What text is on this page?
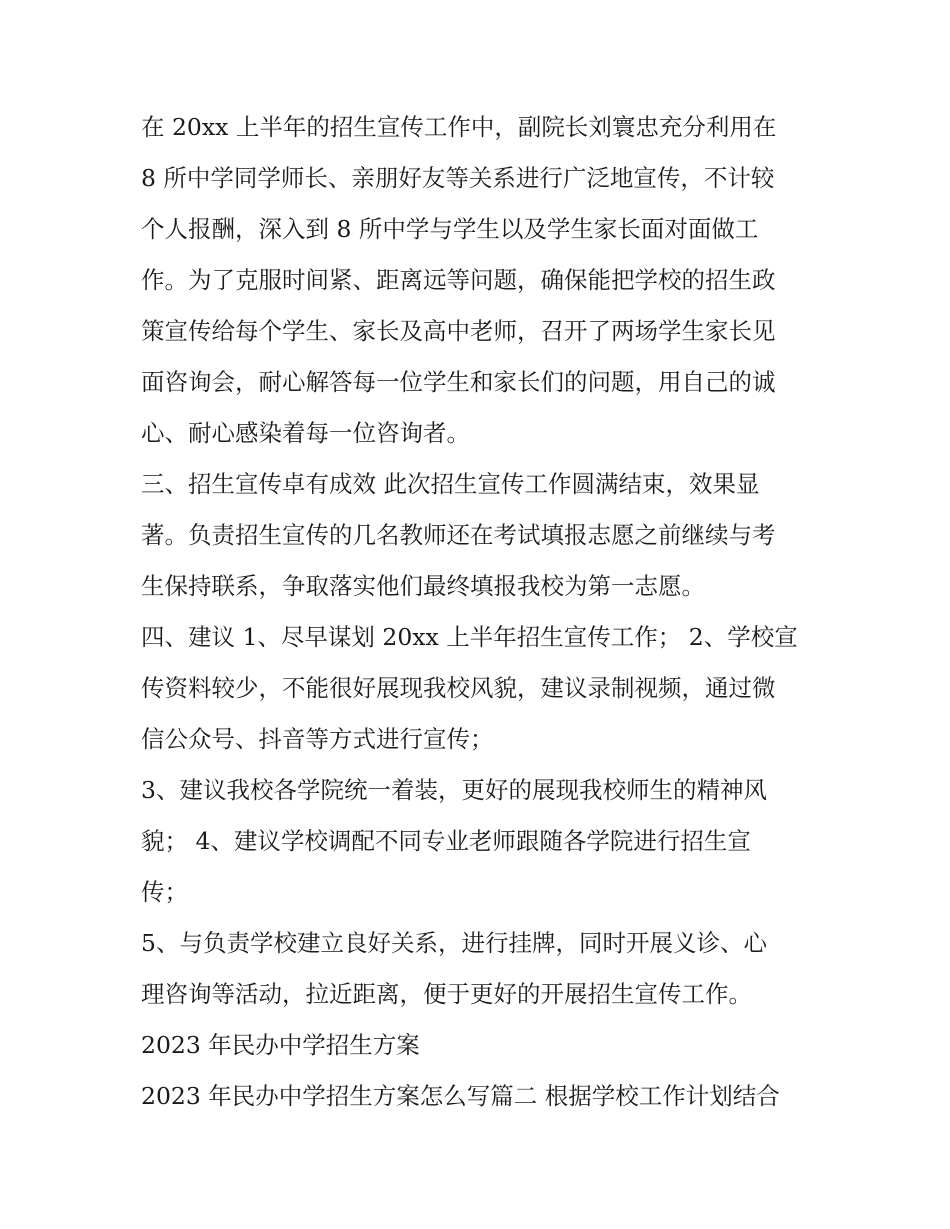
在 20xx 上半年的招生宣传工作中，副院长刘寰忠充分利用在
8 所中学同学师长、亲朋好友等关系进行广泛地宣传，不计较
个人报酬，深入到 8 所中学与学生以及学生家长面对面做工
作。为了克服时间紧、距离远等问题，确保能把学校的招生政
策宣传给每个学生、家长及高中老师，召开了两场学生家长见
面咨询会，耐心解答每一位学生和家长们的问题，用自己的诚
心、耐心感染着每一位咨询者。
三、招生宣传卓有成效 此次招生宣传工作圆满结束，效果显
著。负责招生宣传的几名教师还在考试填报志愿之前继续与考
生保持联系，争取落实他们最终填报我校为第一志愿。
四、建议 1、尽早谋划 20xx 上半年招生宣传工作； 2、学校宣
传资料较少，不能很好展现我校风貌，建议录制视频，通过微
信公众号、抖音等方式进行宣传；
3、建议我校各学院统一着装，更好的展现我校师生的精神风
貌； 4、建议学校调配不同专业老师跟随各学院进行招生宣
传；
5、与负责学校建立良好关系，进行挂牌，同时开展义诊、心
理咨询等活动，拉近距离，便于更好的开展招生宣传工作。
2023 年民办中学招生方案
2023 年民办中学招生方案怎么写篇二 根据学校工作计划结合
